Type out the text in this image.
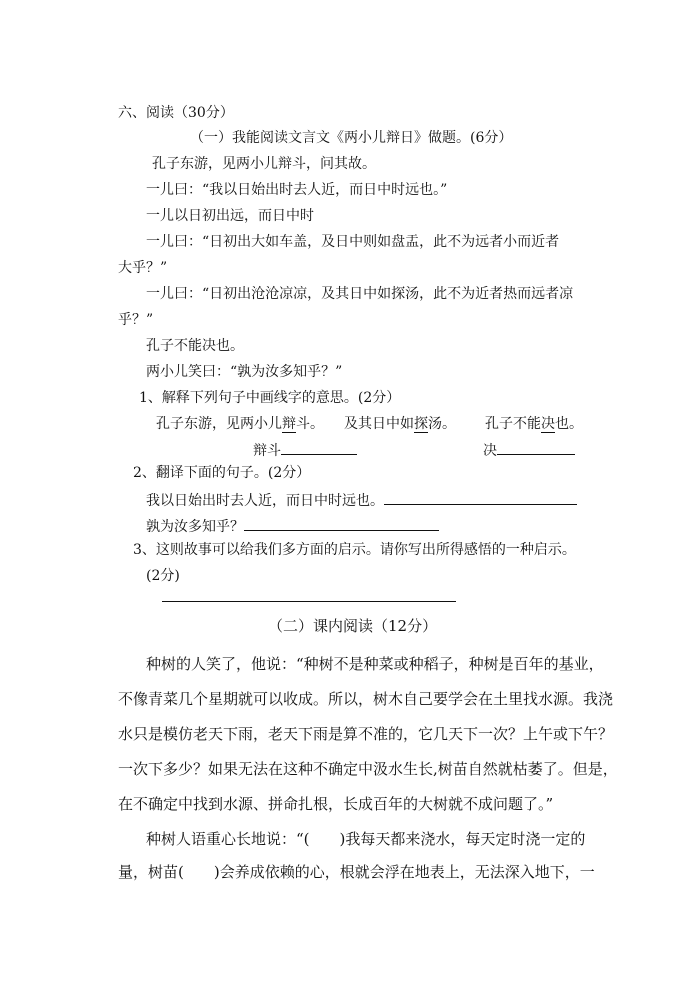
六、阅读（30分）
（一）我能阅读文言文《两小儿辩日》做题。(6分）
孔子东游，见两小儿辩斗，问其故。
一儿曰：“我以日始出时去人近，而日中时远也。”
一儿以日初出远，而日中时
一儿曰：“日初出大如车盖，及日中则如盘盂，此不为远者小而近者
大乎？”
一儿曰：“日初出沧沧凉凉，及其日中如探汤，此不为近者热而远者凉
乎？”
孔子不能决也。
两小儿笑曰：“孰为汝多知乎？”
1、解释下列句子中画线字的意思。(2分）
孔子东游，见两小儿辩斗。 及其日中如探汤。 孔子不能决也。
辩斗	决
2、翻译下面的句子。(2分）
我以日始出时去人近，而日中时远也。
孰为汝多知乎？
3、这则故事可以给我们多方面的启示。请你写出所得感悟的一种启示。
(2分)
（二）课内阅读（12分）
种树的人笑了，他说：“种树不是种菜或种稻子，种树是百年的基业，
不像青菜几个星期就可以收成。所以，树木自己要学会在土里找水源。我浇
水只是模仿老天下雨，老天下雨是算不准的，它几天下一次？上午或下午？
一次下多少？如果无法在这种不确定中汲水生长,树苗自然就枯萎了。但是，
在不确定中找到水源、拼命扎根，长成百年的大树就不成问题了。”
种树人语重心长地说：“(　　)我每天都来浇水，每天定时浇一定的
量，树苗(　　)会养成依赖的心，根就会浮在地表上，无法深入地下，一
